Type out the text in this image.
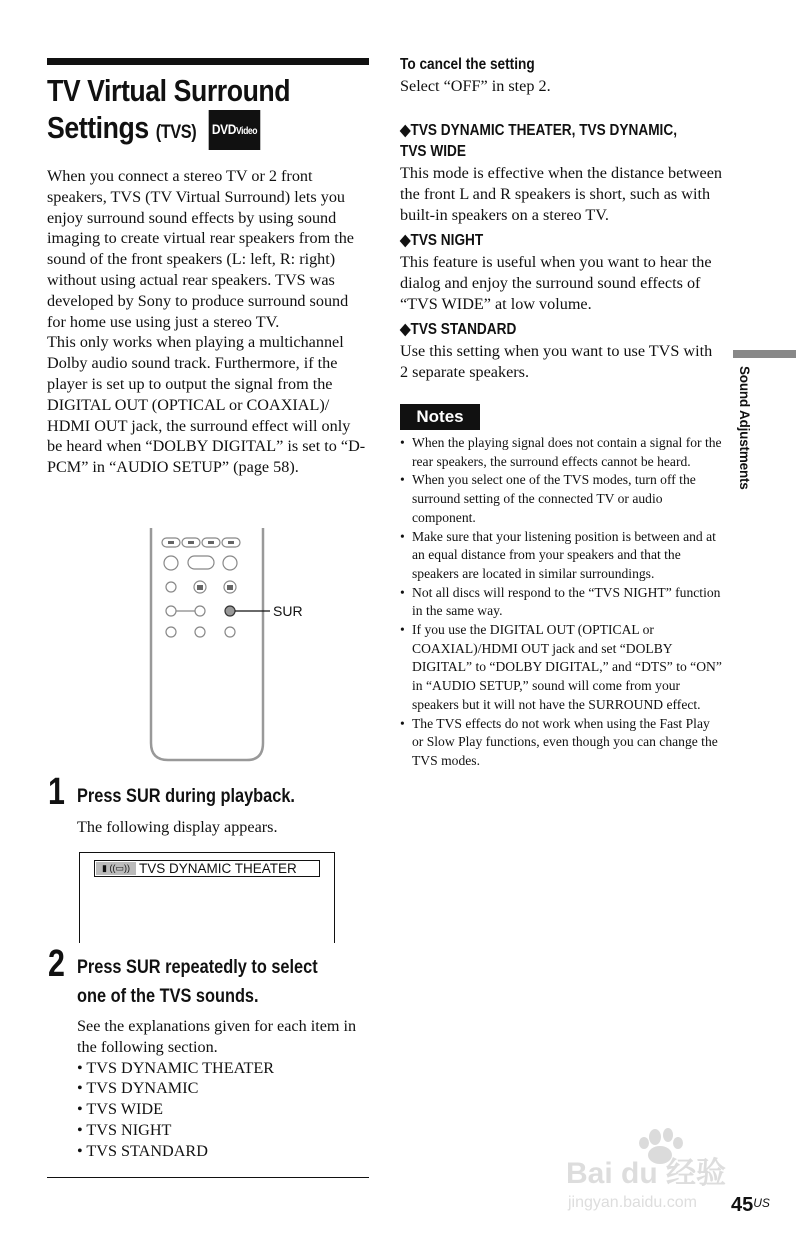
TV Virtual Surround
Settings (TVS) DVDVideo

When you connect a stereo TV or 2 front speakers, TVS (TV Virtual Surround) lets you enjoy surround sound effects by using sound imaging to create virtual rear speakers from the sound of the front speakers (L: left, R: right) without using actual rear speakers. TVS was developed by Sony to produce surround sound for home use using just a stereo TV.

This only works when playing a multichannel Dolby audio sound track. Furthermore, if the player is set up to output the signal from the DIGITAL OUT (OPTICAL or COAXIAL)/ HDMI OUT jack, the surround effect will only be heard when “DOLBY DIGITAL” is set to “D-PCM” in “AUDIO SETUP” (page 58).

SUR
1 Press SUR during playback.
The following display appears.
▮ ((▭)) TVS DYNAMIC THEATER
2 Press SUR repeatedly to select
one of the TVS sounds.

See the explanations given for each item in the following section.

• TVS DYNAMIC THEATER

• TVS DYNAMIC

• TVS WIDE

• TVS NIGHT

• TVS STANDARD

To cancel the setting

Select “OFF” in step 2.

◆TVS DYNAMIC THEATER, TVS DYNAMIC,
TVS WIDE

This mode is effective when the distance between the front L and R speakers is short, such as with built-in speakers on a stereo TV.

◆TVS NIGHT

This feature is useful when you want to hear the dialog and enjoy the surround sound effects of “TVS WIDE” at low volume.

◆TVS STANDARD

Use this setting when you want to use TVS with 2 separate speakers.

Notes
• When the playing signal does not contain a signal for the rear speakers, the surround effects cannot be heard.
• When you select one of the TVS modes, turn off the surround setting of the connected TV or audio component.
• Make sure that your listening position is between and at an equal distance from your speakers and that the speakers are located in similar surroundings.
• Not all discs will respond to the “TVS NIGHT” function in the same way.
• If you use the DIGITAL OUT (OPTICAL or COAXIAL)/HDMI OUT jack and set “DOLBY DIGITAL” to “DOLBY DIGITAL,” and “DTS” to “ON” in “AUDIO SETUP,” sound will come from your speakers but it will not have the SURROUND effect.
• The TVS effects do not work when using the Fast Play or Slow Play functions, even though you can change the TVS modes.
Sound Adjustments
Bai du 经验
jingyan.baidu.com $45^{US}$
